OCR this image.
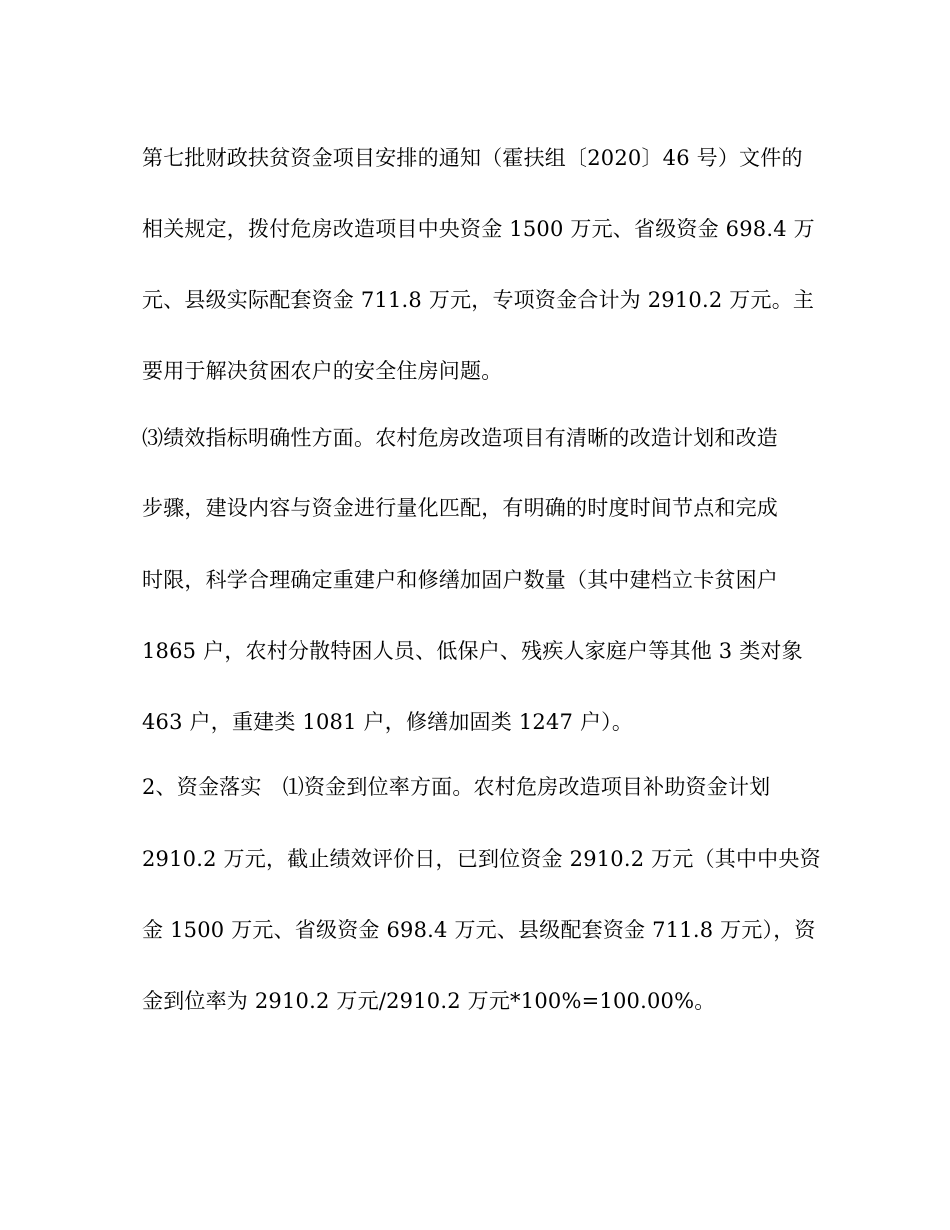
第七批财政扶贫资金项目安排的通知（霍扶组〔2020〕46 号）文件的
相关规定，拨付危房改造项目中央资金 1500 万元、省级资金 698.4 万
元、县级实际配套资金 711.8 万元，专项资金合计为 2910.2 万元。主
要用于解决贫困农户的安全住房问题。
⑶绩效指标明确性方面。农村危房改造项目有清晰的改造计划和改造
步骤，建设内容与资金进行量化匹配，有明确的时度时间节点和完成
时限，科学合理确定重建户和修缮加固户数量（其中建档立卡贫困户
1865 户，农村分散特困人员、低保户、残疾人家庭户等其他 3 类对象
463 户，重建类 1081 户，修缮加固类 1247 户）。
2、资金落实　⑴资金到位率方面。农村危房改造项目补助资金计划
2910.2 万元，截止绩效评价日，已到位资金 2910.2 万元（其中中央资
金 1500 万元、省级资金 698.4 万元、县级配套资金 711.8 万元），资
金到位率为 2910.2 万元/2910.2 万元*100%=100.00%。
